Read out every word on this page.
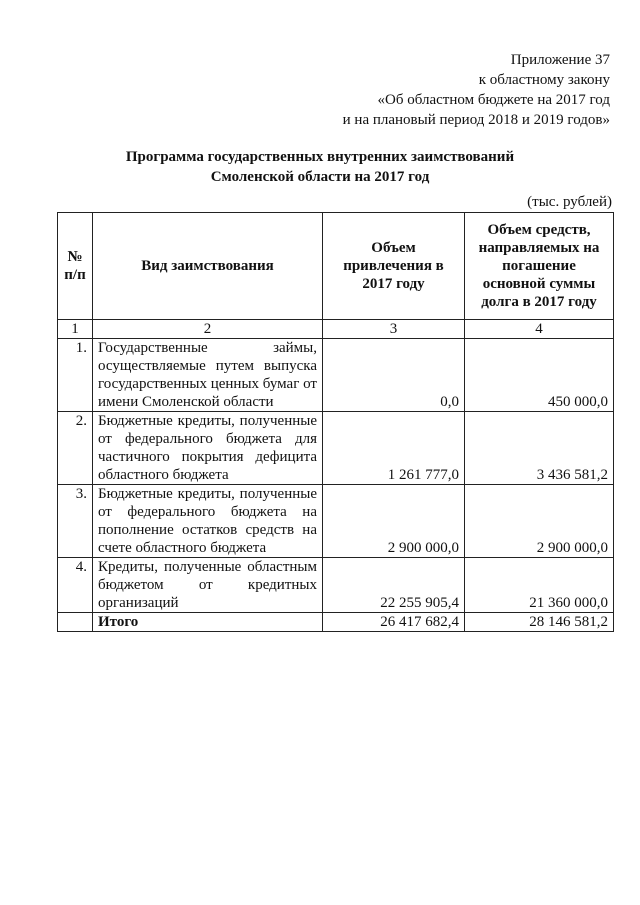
Приложение 37
к областному закону
«Об областном бюджете на 2017 год
и на плановый период 2018 и 2019 годов»
Программа государственных внутренних заимствований
Смоленской области на 2017 год
(тыс. рублей)
№ п/п	Вид заимствования	Объем привлечения в 2017 году	Объем средств, направляемых на погашение основной суммы долга в 2017 году
1	2	3	4
1.	Государственные займы, осуществляемые путем выпуска государственных ценных бумаг от имени Смоленской области	0,0	450 000,0
2.	Бюджетные кредиты, полученные от федерального бюджета для частичного покрытия дефицита областного бюджета	1 261 777,0	3 436 581,2
3.	Бюджетные кредиты, полученные от федерального бюджета на пополнение остатков средств на счете областного бюджета	2 900 000,0	2 900 000,0
4.	Кредиты, полученные областным бюджетом от кредитных организаций	22 255 905,4	21 360 000,0
	Итого	26 417 682,4	28 146 581,2
